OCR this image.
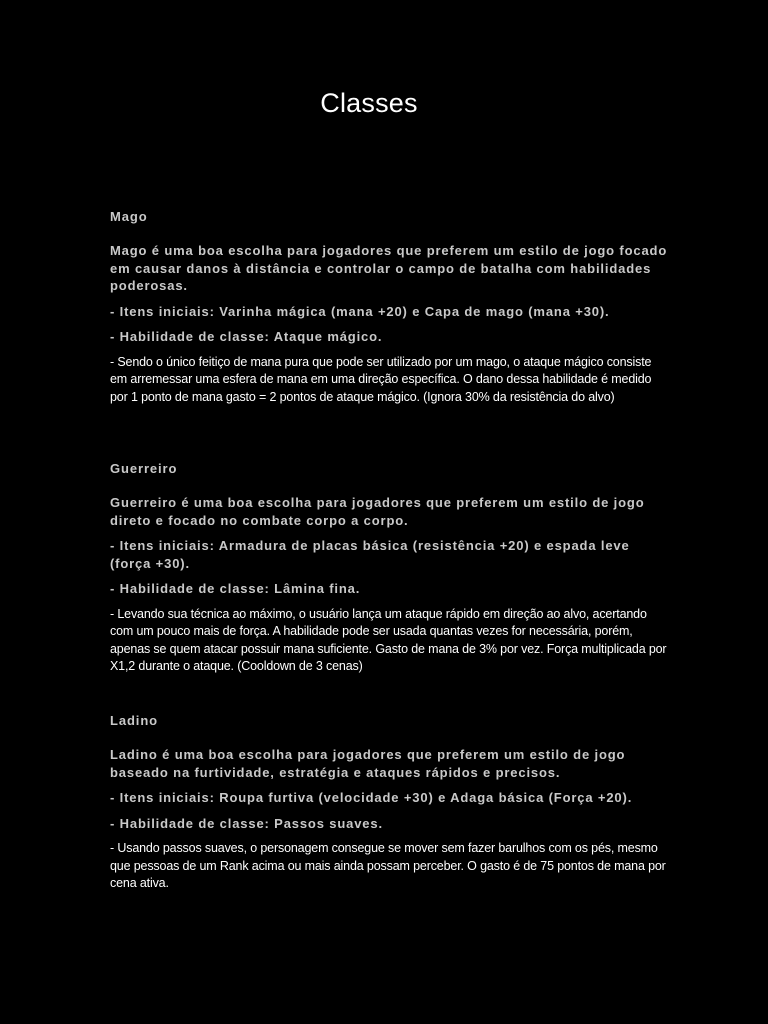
Classes
Mago
Mago é uma boa escolha para jogadores que preferem um estilo de jogo focado em causar danos à distância e controlar o campo de batalha com habilidades poderosas.
- Itens iniciais: Varinha mágica (mana +20) e Capa de mago (mana +30).
- Habilidade de classe: Ataque mágico.
- Sendo o único feitiço de mana pura que pode ser utilizado por um mago, o ataque mágico consiste em arremessar uma esfera de mana em uma direção específica. O dano dessa habilidade é medido por 1 ponto de mana gasto = 2 pontos de ataque mágico. (Ignora 30% da resistência do alvo)
Guerreiro
Guerreiro é uma boa escolha para jogadores que preferem um estilo de jogo direto e focado no combate corpo a corpo.
- Itens iniciais: Armadura de placas básica (resistência +20) e espada leve (força +30).
- Habilidade de classe: Lâmina fina.
- Levando sua técnica ao máximo, o usuário lança um ataque rápido em direção ao alvo, acertando com um pouco mais de força. A habilidade pode ser usada quantas vezes for necessária, porém, apenas se quem atacar possuir mana suficiente. Gasto de mana de 3% por vez. Força multiplicada por X1,2 durante o ataque. (Cooldown de 3 cenas)
Ladino
Ladino é uma boa escolha para jogadores que preferem um estilo de jogo baseado na furtividade, estratégia e ataques rápidos e precisos.
- Itens iniciais: Roupa furtiva (velocidade +30) e Adaga básica (Força +20).
- Habilidade de classe: Passos suaves.
- Usando passos suaves, o personagem consegue se mover sem fazer barulhos com os pés, mesmo que pessoas de um Rank acima ou mais ainda possam perceber. O gasto é de 75 pontos de mana por cena ativa.
